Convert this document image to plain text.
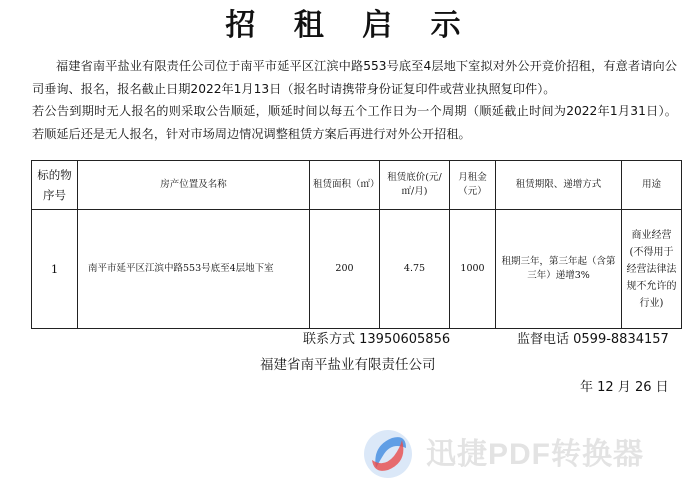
招 租 启 示
福建省南平盐业有限责任公司位于南平市延平区江滨中路553号底至4层地下室拟对外公开竞价招租，有意者请向公司垂询、报名，报名截止日期2022年1月13日（报名时请携带身份证复印件或营业执照复印件）。
若公告到期时无人报名的则采取公告顺延，顺延时间以每五个工作日为一个周期（顺延截止时间为2022年1月31日）。若顺延后还是无人报名，针对市场周边情况调整租赁方案后再进行对外公开招租。
标的物序号	房产位置及名称	租赁面积（㎡）	租赁底价(元/㎡/月)	月租金（元）	租赁期限、递增方式	用途
1	南平市延平区江滨中路553号底至4层地下室	200	4.75	1000	租期三年，第三年起（含第三年）递增3%	商业经营(不得用于经营法律法规不允许的行业)
联系方式 13950605856	监督电话 0599-8834157
福建省南平盐业有限责任公司
年 12 月 26 日
迅捷PDF转换器
